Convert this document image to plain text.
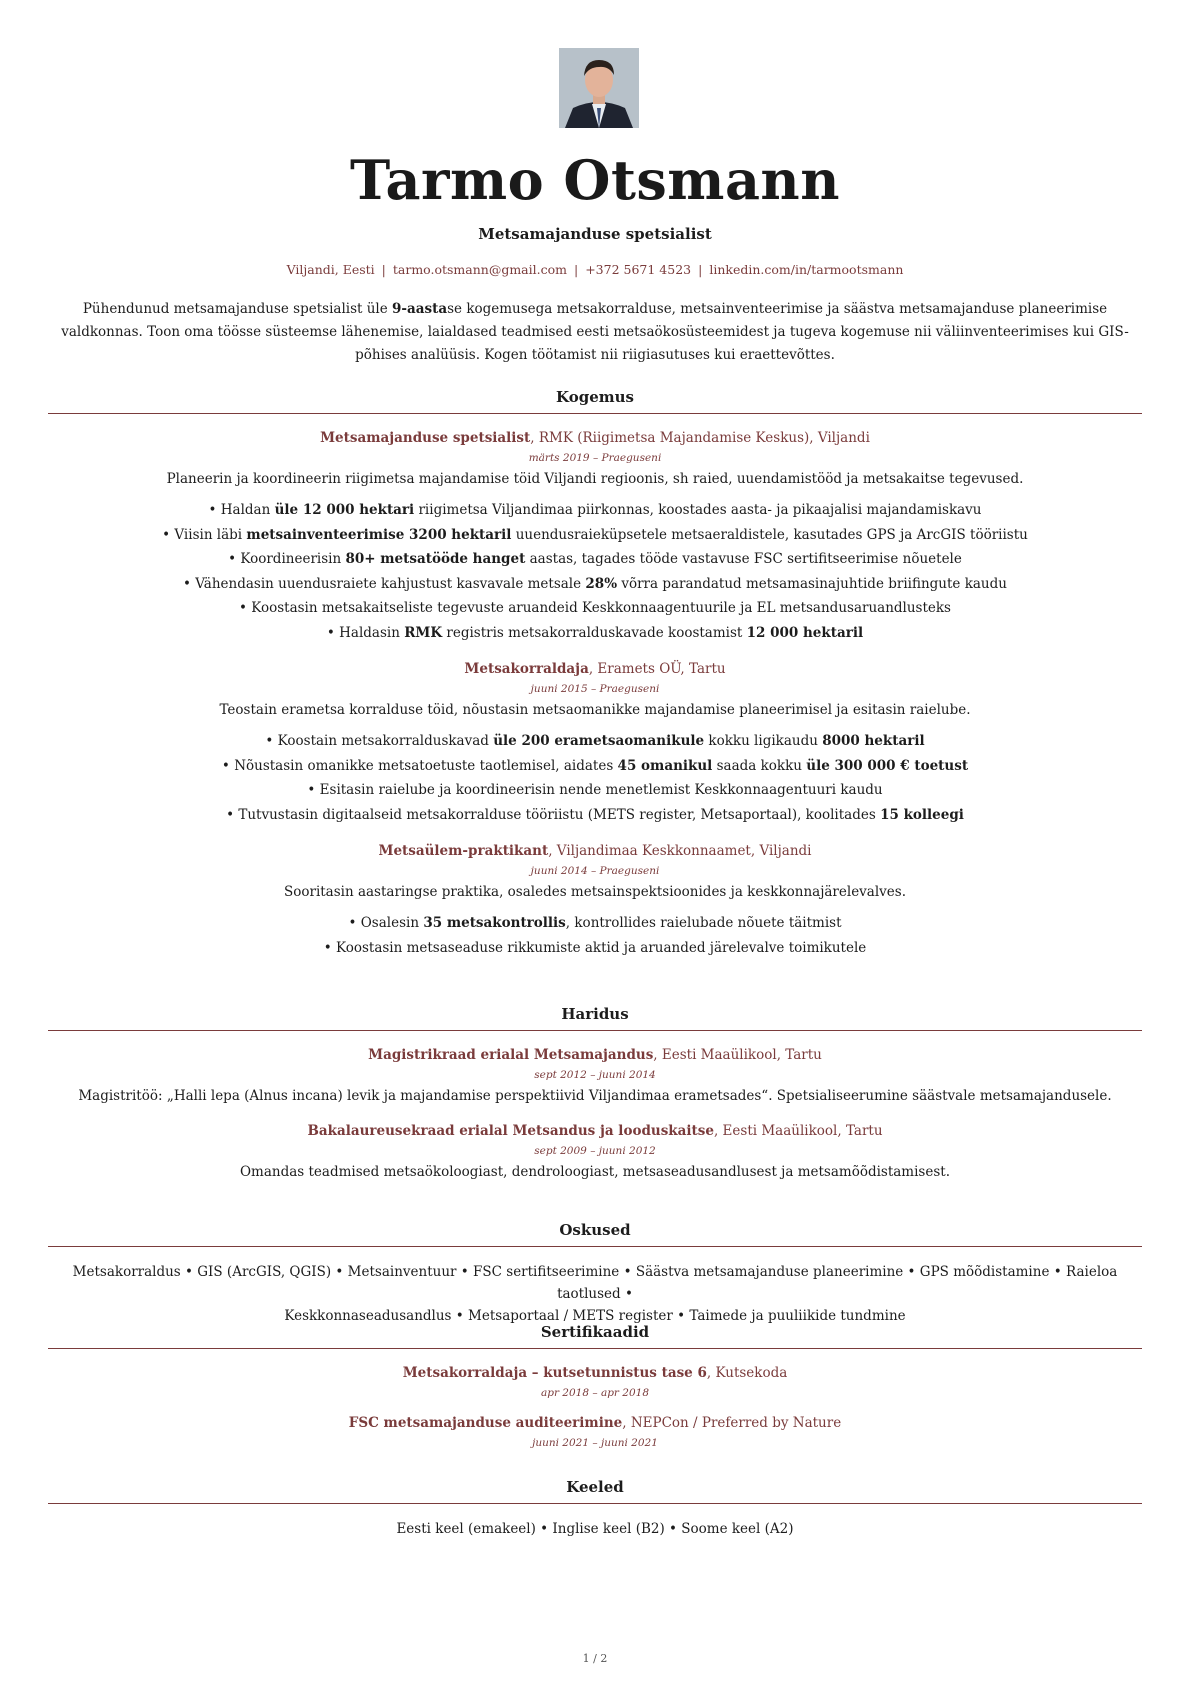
Tarmo Otsmann
Metsamajanduse spetsialist
Viljandi, Eesti | tarmo.otsmann@gmail.com | +372 5671 4523 | linkedin.com/in/tarmootsmann
Pühendunud metsamajanduse spetsialist üle 9-aastase kogemusega metsakorralduse, metsainventeerimise ja säästva metsamajanduse planeerimise valdkonnas. Toon oma töösse süsteemse lähenemise, laialdased teadmised eesti metsaökosüsteemidest ja tugeva kogemuse nii väliinventeerimises kui GIS-põhises analüüsis. Kogen töötamist nii riigiasutuses kui eraettevõttes.
Kogemus
Metsamajanduse spetsialist, RMK (Riigimetsa Majandamise Keskus), Viljandi
märts 2019 – Praeguseni
Planeerin ja koordineerin riigimetsa majandamise töid Viljandi regioonis, sh raied, uuendamistööd ja metsakaitse tegevused.
• Haldan üle 12 000 hektari riigimetsa Viljandimaa piirkonnas, koostades aasta- ja pikaajalisi majandamiskavu
• Viisin läbi metsainventeerimise 3200 hektaril uuendusraieküpsetele metsaeraldistele, kasutades GPS ja ArcGIS tööriistu
• Koordineerisin 80+ metsatööde hanget aastas, tagades tööde vastavuse FSC sertifitseerimise nõuetele
• Vähendasin uuendusraiete kahjustust kasvavale metsale 28% võrra parandatud metsamasinajuhtide briifingute kaudu
• Koostasin metsakaitseliste tegevuste aruandeid Keskkonnaagentuurile ja EL metsandusaruandlusteks
• Haldasin RMK registris metsakorralduskavade koostamist 12 000 hektaril
Metsakorraldaja, Eramets OÜ, Tartu
juuni 2015 – Praeguseni
Teostain erametsa korralduse töid, nõustasin metsaomanikke majandamise planeerimisel ja esitasin raielube.
• Koostain metsakorralduskavad üle 200 erametsaomanikule kokku ligikaudu 8000 hektaril
• Nõustasin omanikke metsatoetuste taotlemisel, aidates 45 omanikul saada kokku üle 300 000 € toetust
• Esitasin raielube ja koordineerisin nende menetlemist Keskkonnaagentuuri kaudu
• Tutvustasin digitaalseid metsakorralduse tööriistu (METS register, Metsaportaal), koolitades 15 kolleegi
Metsaülem-praktikant, Viljandimaa Keskkonnaamet, Viljandi
juuni 2014 – Praeguseni
Sooritasin aastaringse praktika, osaledes metsainspektsioonides ja keskkonnajärelevalves.
• Osalesin 35 metsakontrollis, kontrollides raielubade nõuete täitmist
• Koostasin metsaseaduse rikkumiste aktid ja aruanded järelevalve toimikutele
Haridus
Magistrikraad erialal Metsamajandus, Eesti Maaülikool, Tartu
sept 2012 – juuni 2014
Magistritöö: „Halli lepa (Alnus incana) levik ja majandamise perspektiivid Viljandimaa erametsades“. Spetsialiseerumine säästvale metsamajandusele.
Bakalaureusekraad erialal Metsandus ja looduskaitse, Eesti Maaülikool, Tartu
sept 2009 – juuni 2012
Omandas teadmised metsaökoloogiast, dendroloogiast, metsaseadusandlusest ja metsamõõdistamisest.
Oskused
Metsakorraldus • GIS (ArcGIS, QGIS) • Metsainventuur • FSC sertifitseerimine • Säästva metsamajanduse planeerimine • GPS mõõdistamine • Raieloa taotlused •
Keskkonnaseadusandlus • Metsaportaal / METS register • Taimede ja puuliikide tundmine
Sertifikaadid
Metsakorraldaja – kutsetunnistus tase 6, Kutsekoda
apr 2018 – apr 2018
FSC metsamajanduse auditeerimine, NEPCon / Preferred by Nature
juuni 2021 – juuni 2021
Keeled
Eesti keel (emakeel) • Inglise keel (B2) • Soome keel (A2)
1 / 2
